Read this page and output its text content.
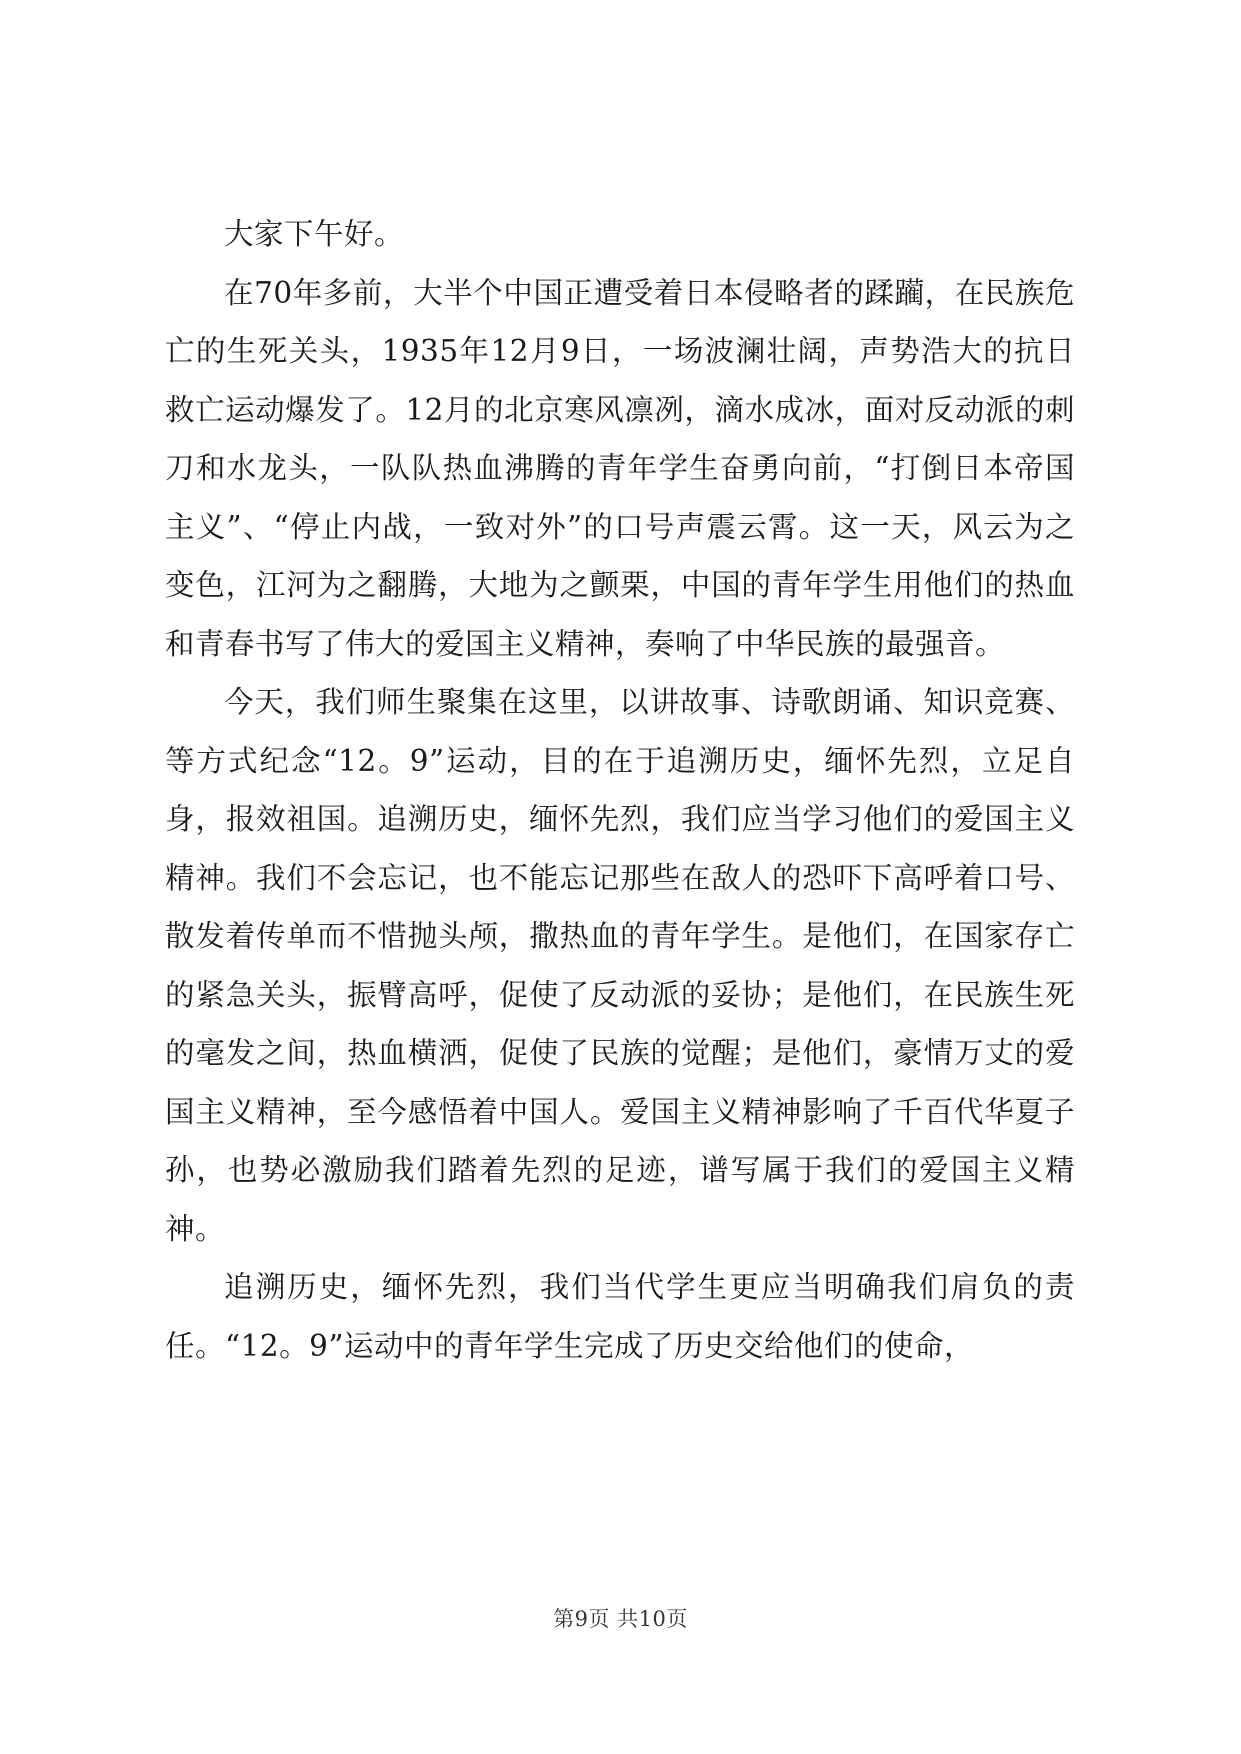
大家下午好。

在70年多前，大半个中国正遭受着日本侵略者的蹂躏，在民族危亡的生死关头，1935年12月9日，一场波澜壮阔，声势浩大的抗日救亡运动爆发了。12月的北京寒风凛冽，滴水成冰，面对反动派的刺刀和水龙头，一队队热血沸腾的青年学生奋勇向前，“打倒日本帝国主义”、“停止内战，一致对外”的口号声震云霄。这一天，风云为之变色，江河为之翻腾，大地为之颤栗，中国的青年学生用他们的热血和青春书写了伟大的爱国主义精神，奏响了中华民族的最强音。

今天，我们师生聚集在这里，以讲故事、诗歌朗诵、知识竞赛、等方式纪念“12。9”运动，目的在于追溯历史，缅怀先烈，立足自身，报效祖国。追溯历史，缅怀先烈，我们应当学习他们的爱国主义精神。我们不会忘记，也不能忘记那些在敌人的恐吓下高呼着口号、散发着传单而不惜抛头颅，撒热血的青年学生。是他们，在国家存亡的紧急关头，振臂高呼，促使了反动派的妥协；是他们，在民族生死的毫发之间，热血横洒，促使了民族的觉醒；是他们，豪情万丈的爱国主义精神，至今感悟着中国人。爱国主义精神影响了千百代华夏子孙，也势必激励我们踏着先烈的足迹，谱写属于我们的爱国主义精神。

追溯历史，缅怀先烈，我们当代学生更应当明确我们肩负的责任。“12。9”运动中的青年学生完成了历史交给他们的使命，

第9页 共10页
